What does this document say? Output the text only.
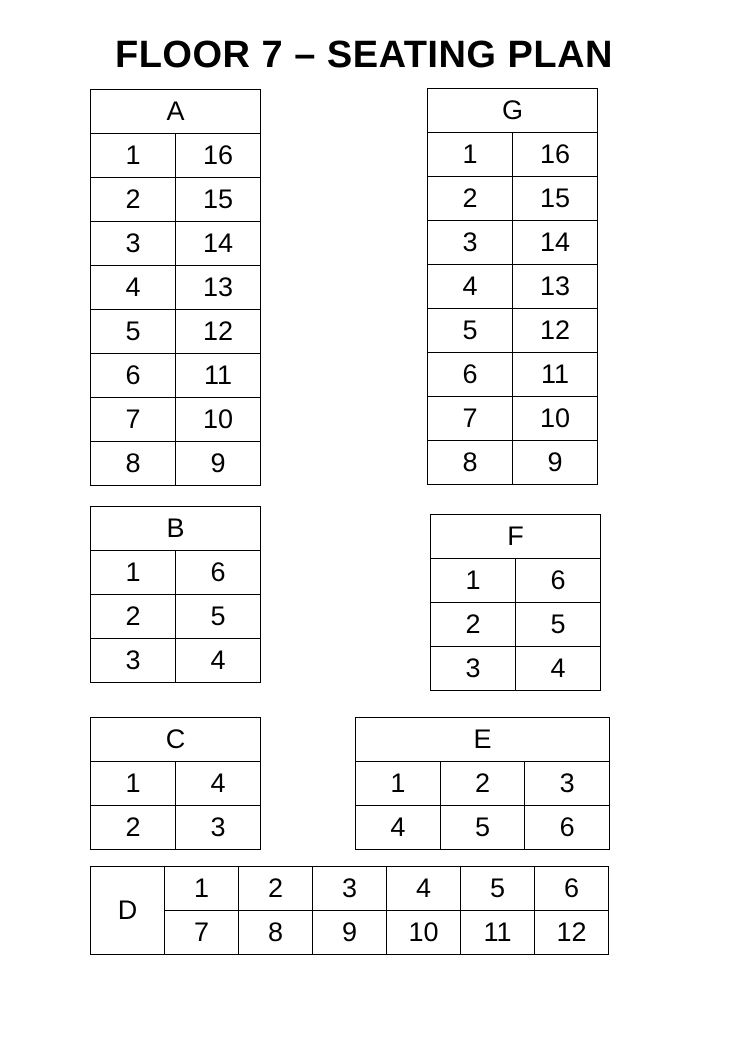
FLOOR 7 – SEATING PLAN
A	
1	16
2	15
3	14
4	13
5	12
6	11
7	10
8	9
G	
1	16
2	15
3	14
4	13
5	12
6	11
7	10
8	9
B	
1	6
2	5
3	4
F	
1	6
2	5
3	4
C	
1	4
2	3
E		
1	2	3
4	5	6
D	1	2	3	4	5	6
	7	8	9	10	11	12
